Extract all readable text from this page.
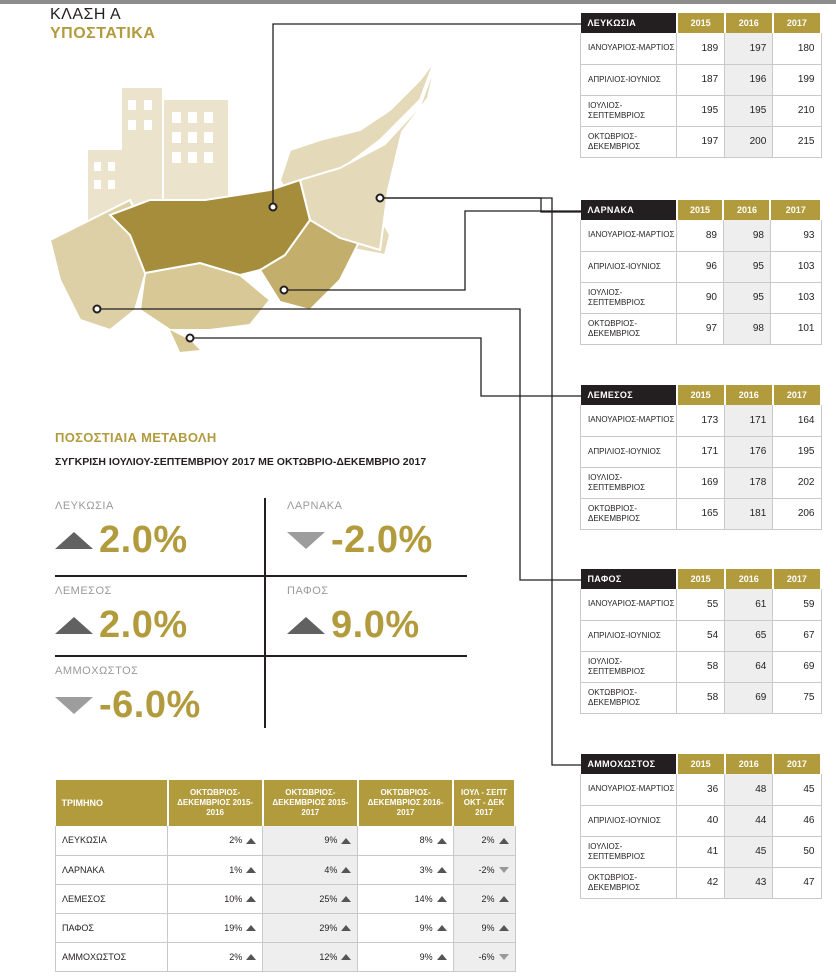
ΚΛΑΣΗ Α
ΥΠΟΣΤΑΤΙΚΑ
ΛΕΥΚΩΣΙΑ	2015	2016	2017
ΙΑΝΟΥΑΡΙΟΣ-ΜΑΡΤΙΟΣ	189	197	180
ΑΠΡΙΛΙΟΣ-ΙΟΥΝΙΟΣ	187	196	199
ΙΟΥΛΙΟΣ-ΣΕΠΤΕΜΒΡΙΟΣ	195	195	210
ΟΚΤΩΒΡΙΟΣ-ΔΕΚΕΜΒΡΙΟΣ	197	200	215
ΛΑΡΝΑΚΑ	2015	2016	2017
ΙΑΝΟΥΑΡΙΟΣ-ΜΑΡΤΙΟΣ	89	98	93
ΑΠΡΙΛΙΟΣ-ΙΟΥΝΙΟΣ	96	95	103
ΙΟΥΛΙΟΣ-ΣΕΠΤΕΜΒΡΙΟΣ	90	95	103
ΟΚΤΩΒΡΙΟΣ-ΔΕΚΕΜΒΡΙΟΣ	97	98	101
ΛΕΜΕΣΟΣ	2015	2016	2017
ΙΑΝΟΥΑΡΙΟΣ-ΜΑΡΤΙΟΣ	173	171	164
ΑΠΡΙΛΙΟΣ-ΙΟΥΝΙΟΣ	171	176	195
ΙΟΥΛΙΟΣ-ΣΕΠΤΕΜΒΡΙΟΣ	169	178	202
ΟΚΤΩΒΡΙΟΣ-ΔΕΚΕΜΒΡΙΟΣ	165	181	206
ΠΑΦΟΣ	2015	2016	2017
ΙΑΝΟΥΑΡΙΟΣ-ΜΑΡΤΙΟΣ	55	61	59
ΑΠΡΙΛΙΟΣ-ΙΟΥΝΙΟΣ	54	65	67
ΙΟΥΛΙΟΣ-ΣΕΠΤΕΜΒΡΙΟΣ	58	64	69
ΟΚΤΩΒΡΙΟΣ-ΔΕΚΕΜΒΡΙΟΣ	58	69	75
ΑΜΜΟΧΩΣΤΟΣ	2015	2016	2017
ΙΑΝΟΥΑΡΙΟΣ-ΜΑΡΤΙΟΣ	36	48	45
ΑΠΡΙΛΙΟΣ-ΙΟΥΝΙΟΣ	40	44	46
ΙΟΥΛΙΟΣ-ΣΕΠΤΕΜΒΡΙΟΣ	41	45	50
ΟΚΤΩΒΡΙΟΣ-ΔΕΚΕΜΒΡΙΟΣ	42	43	47
ΠΟΣΟΣΤΙΑΙΑ ΜΕΤΑΒΟΛΗ
ΣΥΓΚΡΙΣΗ ΙΟΥΛΙΟΥ-ΣΕΠΤΕΜΒΡΙΟΥ 2017 ΜΕ ΟΚΤΩΒΡΙΟ-ΔΕΚΕΜΒΡΙΟ 2017
ΛΕΥΚΩΣΙΑ
2.0%
ΛΑΡΝΑΚΑ
-2.0%
ΛΕΜΕΣΟΣ
2.0%
ΠΑΦΟΣ
9.0%
ΑΜΜΟΧΩΣΤΟΣ
-6.0%
ΤΡΙΜΗΝΟ	ΟΚΤΩΒΡΙΟΣ-ΔΕΚΕΜΒΡΙΟΣ 2015-2016	ΟΚΤΩΒΡΙΟΣ-ΔΕΚΕΜΒΡΙΟΣ 2015-2017	ΟΚΤΩΒΡΙΟΣ-ΔΕΚΕΜΒΡΙΟΣ 2016-2017	ΙΟΥΛ - ΣΕΠΤ ΟΚΤ - ΔΕΚ 2017
ΛΕΥΚΩΣΙΑ	2%	9%	8%	2%
ΛΑΡΝΑΚΑ	1%	4%	3%	-2%
ΛΕΜΕΣΟΣ	10%	25%	14%	2%
ΠΑΦΟΣ	19%	29%	9%	9%
ΑΜΜΟΧΩΣΤΟΣ	2%	12%	9%	-6%
